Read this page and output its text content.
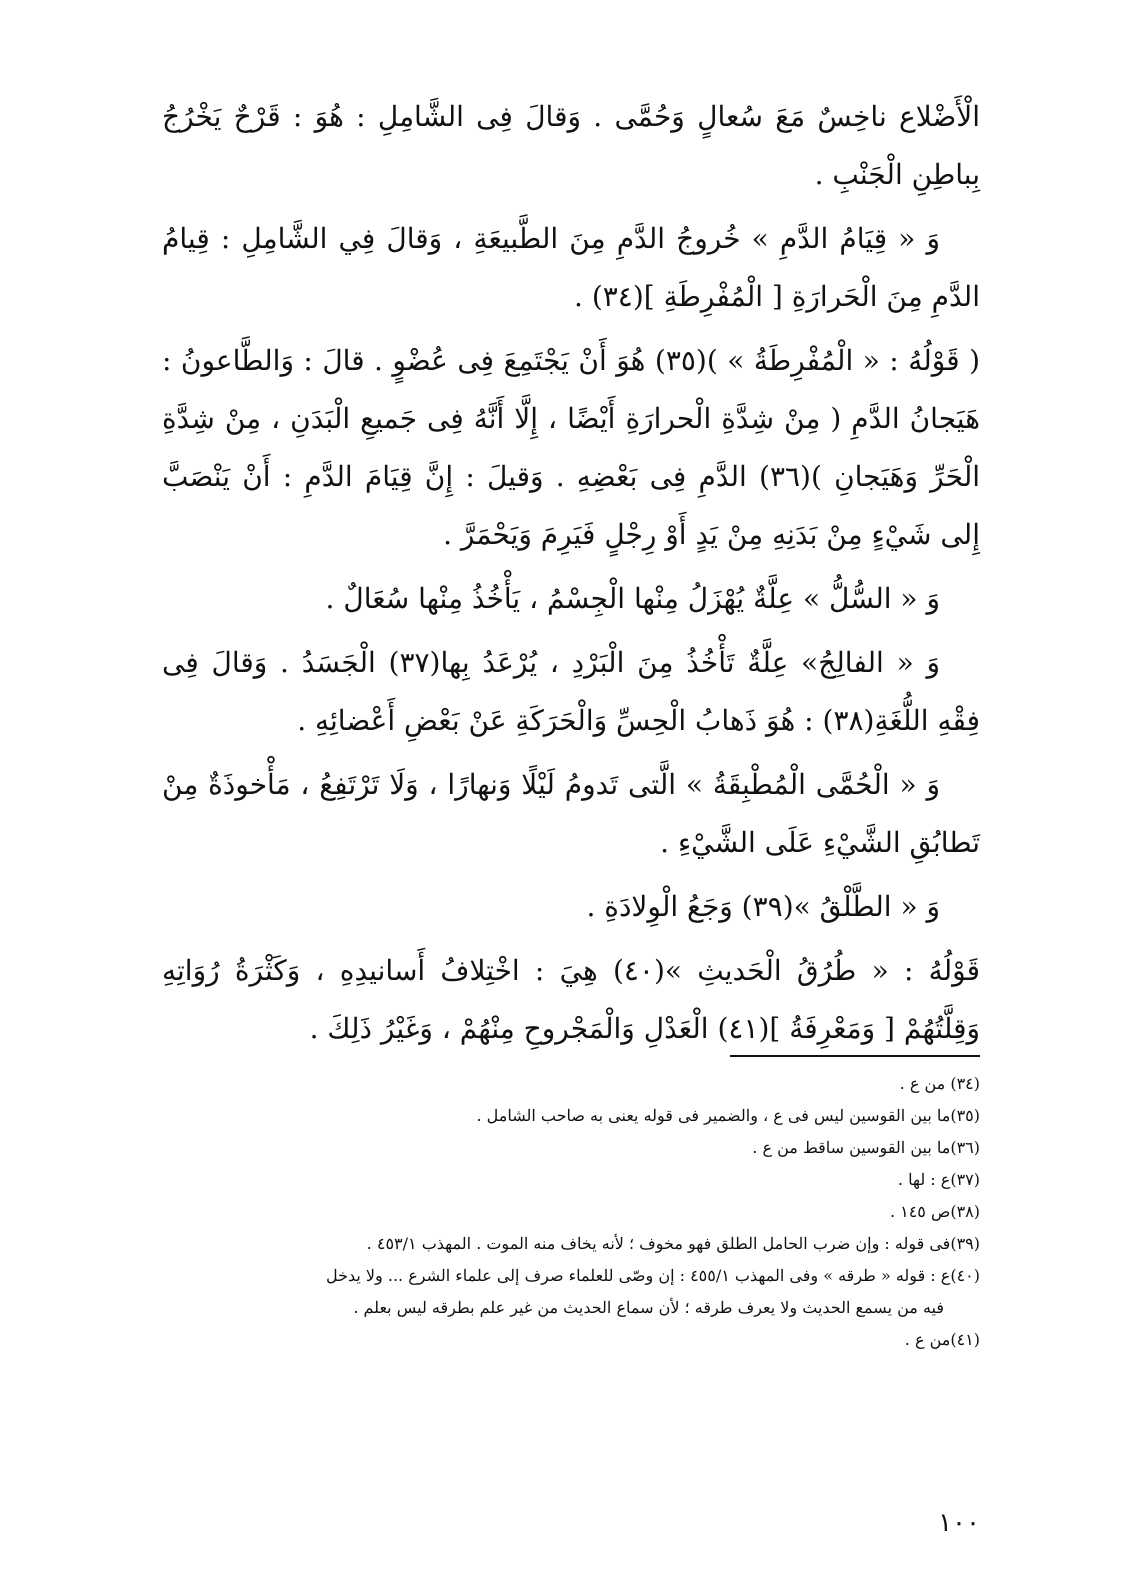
الْأَضْلاع ناخِسٌ مَعَ سُعالٍ وَحُمَّى . وَقالَ فِى الشَّامِلِ : هُوَ : قَرْحٌ يَخْرُجُ بِباطِنِ الْجَنْبِ .

وَ « قِيَامُ الدَّمِ » خُروجُ الدَّمِ مِنَ الطَّبيعَةِ ، وَقالَ فِي الشَّامِلِ : قِيامُ الدَّمِ مِنَ الْحَرارَةِ [ الْمُفْرِطَةِ ](٣٤) .

( قَوْلُهُ : « الْمُفْرِطَةُ » )(٣٥) هُوَ أَنْ يَجْتَمِعَ فِى عُضْوٍ . قالَ : وَالطَّاعونُ : هَيَجانُ الدَّمِ ( مِنْ شِدَّةِ الْحرارَةِ أَيْضًا ، إِلَّا أَنَّهُ فِى جَميعِ الْبَدَنِ ، مِنْ شِدَّةِ الْحَرِّ وَهَيَجانِ )(٣٦) الدَّمِ فِى بَعْضِهِ . وَقيلَ : إِنَّ قِيَامَ الدَّمِ : أَنْ يَنْصَبَّ إِلى شَيْءٍ مِنْ بَدَنِهِ مِنْ يَدٍ أَوْ رِجْلٍ فَيَرِمَ وَيَحْمَرَّ .

وَ « السُّلُّ » عِلَّةٌ يُهْزَلُ مِنْها الْجِسْمُ ، يَأْخُذُ مِنْها سُعَالٌ .

وَ « الفالِجُ» عِلَّةٌ تَأْخُذُ مِنَ الْبَرْدِ ، يُرْعَدُ بِها(٣٧) الْجَسَدُ . وَقالَ فِى فِقْهِ اللُّغَةِ(٣٨) : هُوَ ذَهابُ الْحِسِّ وَالْحَرَكَةِ عَنْ بَعْضِ أَعْضائِهِ .

وَ « الْحُمَّى الْمُطْبِقَةُ » الَّتى تَدومُ لَيْلًا وَنهارًا ، وَلَا تَرْتَفِعُ ، مَأْخوذَةٌ مِنْ تَطابُقِ الشَّيْءِ عَلَى الشَّيْءِ .

وَ « الطَّلْقُ »(٣٩) وَجَعُ الْوِلادَةِ .

قَوْلُهُ : « طُرُقُ الْحَديثِ »(٤٠) هِيَ : اخْتِلافُ أَسانيدِهِ ، وَكَثْرَةُ رُوَاتِهِ وَقِلَّتُهُمْ [ وَمَعْرِفَةُ ](٤١) الْعَدْلِ وَالْمَجْروحِ مِنْهُمْ ، وَغَيْرُ ذَلِكَ .

(٣٤) من ع .

(٣٥)ما بين القوسين ليس فى ع ، والضمير فى قوله يعنى به صاحب الشامل .

(٣٦)ما بين القوسين ساقط من ع .

(٣٧)ع : لها .

(٣٨)ص ١٤٥ .

(٣٩)فى قوله : وإن ضرب الحامل الطلق فهو مخوف ؛ لأنه يخاف منه الموت . المهذب ٤٥٣/١ .

(٤٠)ع : قوله « طرقه » وفى المهذب ٤٥٥/١ : إن وصّى للعلماء صرف إلى علماء الشرع ... ولا يدخل

فيه من يسمع الحديث ولا يعرف طرقه ؛ لأن سماع الحديث من غير علم بطرقه ليس بعلم .

(٤١)من ع .

١٠٠
